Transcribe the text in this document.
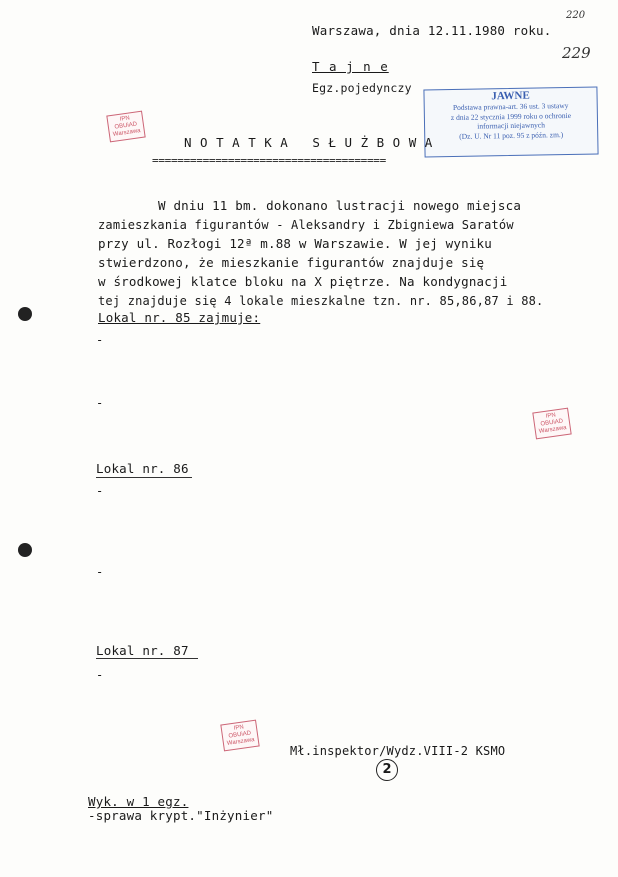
Warszawa, dnia 12.11.1980 roku.
220
229
T a j n e
Egz.pojedynczy
JAWNE
Podstawa prawna-art. 36 ust. 3 ustawy
z dnia 22 stycznia 1999 roku o ochronie
informacji niejawnych
(Dz. U. Nr 11 poz. 95 z późn. zm.)
IPN
OBUiAD
Warszawa
IPN
OBUiAD
Warszawa
IPN
OBUiAD
Warszawa
N O T A T K A   S Ł U Ż B O W A
=====================================
W dniu 11 bm. dokonano lustracji nowego miejsca
zamieszkania figurantów - Aleksandry i Zbigniewa Saratów
przy ul. Rozłogi 12ª m.88 w Warszawie. W jej wyniku
stwierdzono, że mieszkanie figurantów znajduje się
w środkowej klatce bloku na X piętrze. Na kondygnacji
tej znajduje się 4 lokale mieszkalne tzn. nr. 85,86,87 i 88.
Lokal nr. 85 zajmuje:
-
-
Lokal nr. 86
-
-
Lokal nr. 87
-
Mł.inspektor/Wydz.VIII-2 KSMO
2
Wyk. w 1 egz.
-sprawa krypt."Inżynier"
